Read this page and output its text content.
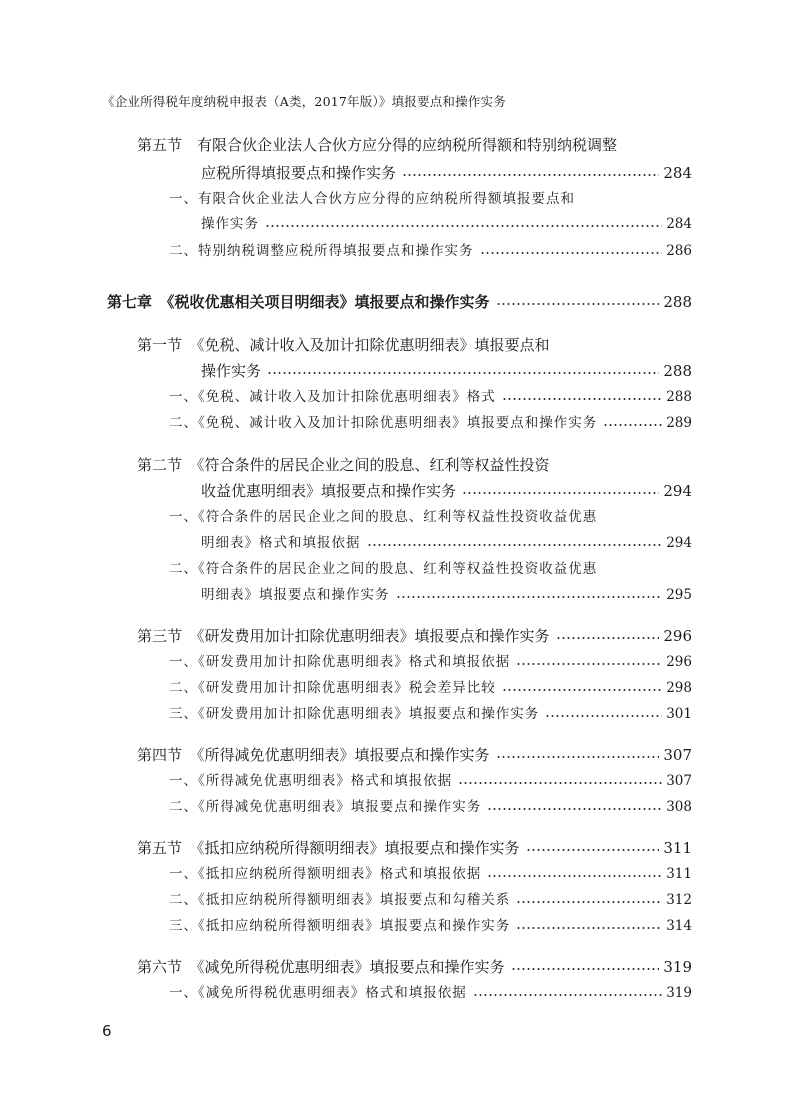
《企业所得税年度纳税申报表（A类，2017年版）》填报要点和操作实务
第五节　有限合伙企业法人合伙方应分得的应纳税所得额和特别纳税调整
应税所得填报要点和操作实务	284
一、有限合伙企业法人合伙方应分得的应纳税所得额填报要点和
操作实务	284
二、特别纳税调整应税所得填报要点和操作实务	286
第七章　《税收优惠相关项目明细表》填报要点和操作实务	288
第一节　《免税、减计收入及加计扣除优惠明细表》填报要点和
操作实务	288
一、《免税、减计收入及加计扣除优惠明细表》格式	288
二、《免税、减计收入及加计扣除优惠明细表》填报要点和操作实务	289
第二节　《符合条件的居民企业之间的股息、红利等权益性投资
收益优惠明细表》填报要点和操作实务	294
一、《符合条件的居民企业之间的股息、红利等权益性投资收益优惠
明细表》格式和填报依据	294
二、《符合条件的居民企业之间的股息、红利等权益性投资收益优惠
明细表》填报要点和操作实务	295
第三节　《研发费用加计扣除优惠明细表》填报要点和操作实务	296
一、《研发费用加计扣除优惠明细表》格式和填报依据	296
二、《研发费用加计扣除优惠明细表》税会差异比较	298
三、《研发费用加计扣除优惠明细表》填报要点和操作实务	301
第四节　《所得减免优惠明细表》填报要点和操作实务	307
一、《所得减免优惠明细表》格式和填报依据	307
二、《所得减免优惠明细表》填报要点和操作实务	308
第五节　《抵扣应纳税所得额明细表》填报要点和操作实务	311
一、《抵扣应纳税所得额明细表》格式和填报依据	311
二、《抵扣应纳税所得额明细表》填报要点和勾稽关系	312
三、《抵扣应纳税所得额明细表》填报要点和操作实务	314
第六节　《减免所得税优惠明细表》填报要点和操作实务	319
一、《减免所得税优惠明细表》格式和填报依据	319
6
